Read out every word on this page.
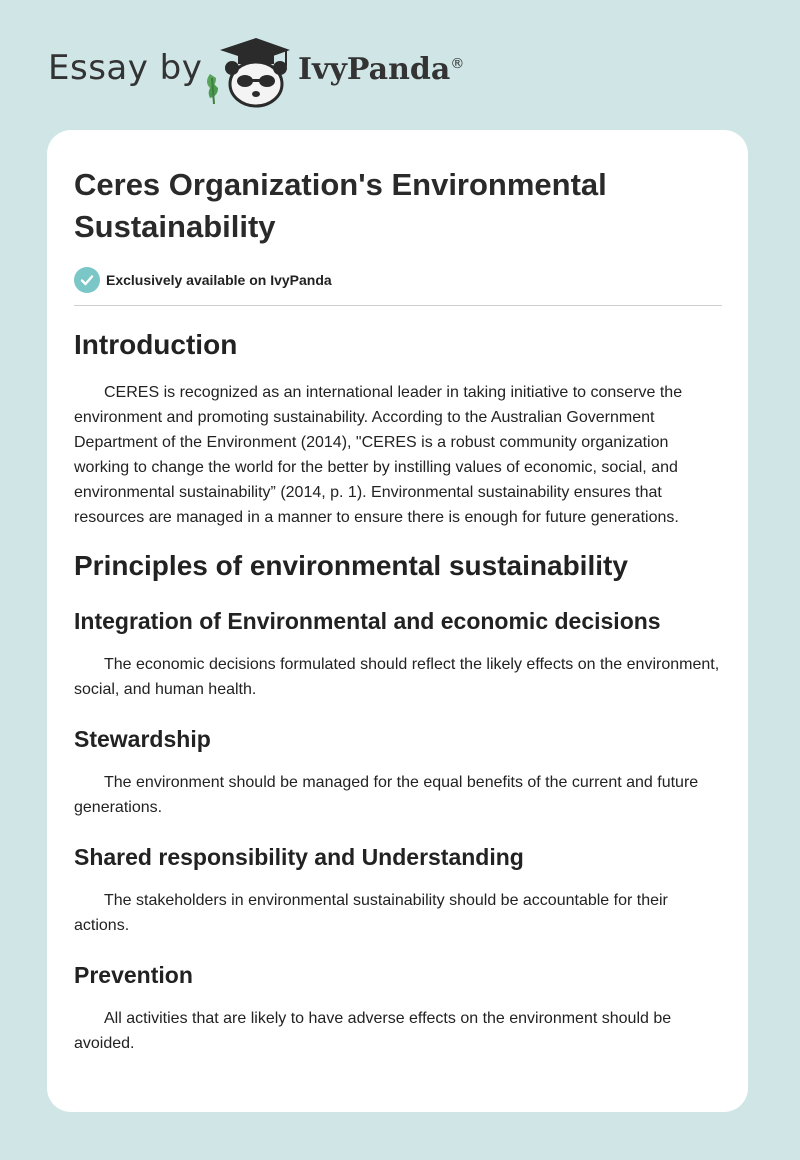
Essay by	IvyPanda®
Ceres Organization's Environmental Sustainability
Exclusively available on IvyPanda
Introduction

CERES is recognized as an international leader in taking initiative to conserve the environment and promoting sustainability. According to the Australian Government Department of the Environment (2014), "CERES is a robust community organization working to change the world for the better by instilling values of economic, social, and environmental sustainability” (2014, p. 1). Environmental sustainability ensures that resources are managed in a manner to ensure there is enough for future generations.

Principles of environmental sustainability
Integration of Environmental and economic decisions

The economic decisions formulated should reflect the likely effects on the environment, social, and human health.

Stewardship

The environment should be managed for the equal benefits of the current and future generations.

Shared responsibility and Understanding

The stakeholders in environmental sustainability should be accountable for their actions.

Prevention

All activities that are likely to have adverse effects on the environment should be avoided.
